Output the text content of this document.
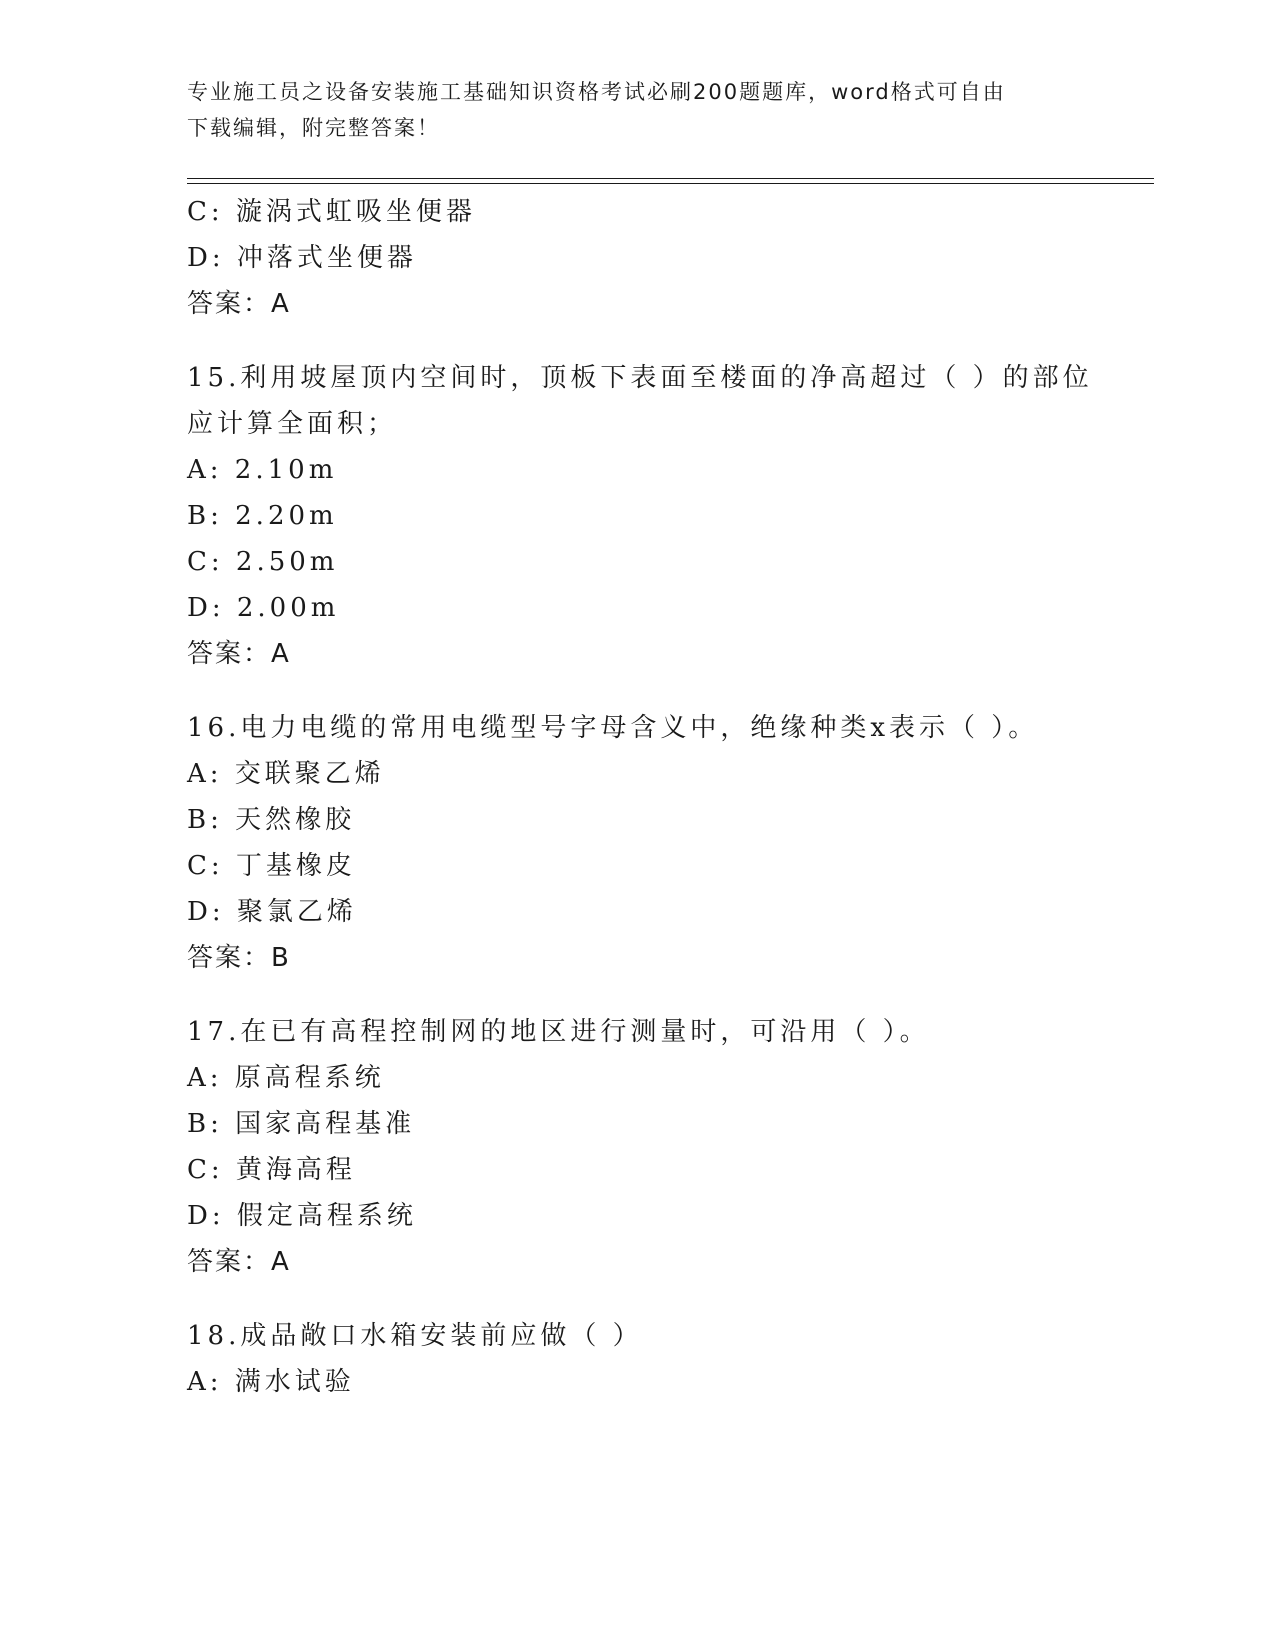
专业施工员之设备安装施工基础知识资格考试必刷200题题库，word格式可自由
下载编辑，附完整答案！
C: 漩涡式虹吸坐便器
D: 冲落式坐便器
答案：A
15.利用坡屋顶内空间时，顶板下表面至楼面的净高超过（ ）的部位
应计算全面积；
A: 2.10m
B: 2.20m
C: 2.50m
D: 2.00m
答案：A
16.电力电缆的常用电缆型号字母含义中，绝缘种类x表示（ ）。
A: 交联聚乙烯
B: 天然橡胶
C: 丁基橡皮
D: 聚氯乙烯
答案：B
17.在已有高程控制网的地区进行测量时，可沿用（ ）。
A: 原高程系统
B: 国家高程基准
C: 黄海高程
D: 假定高程系统
答案：A
18.成品敞口水箱安装前应做（ ）
A: 满水试验
